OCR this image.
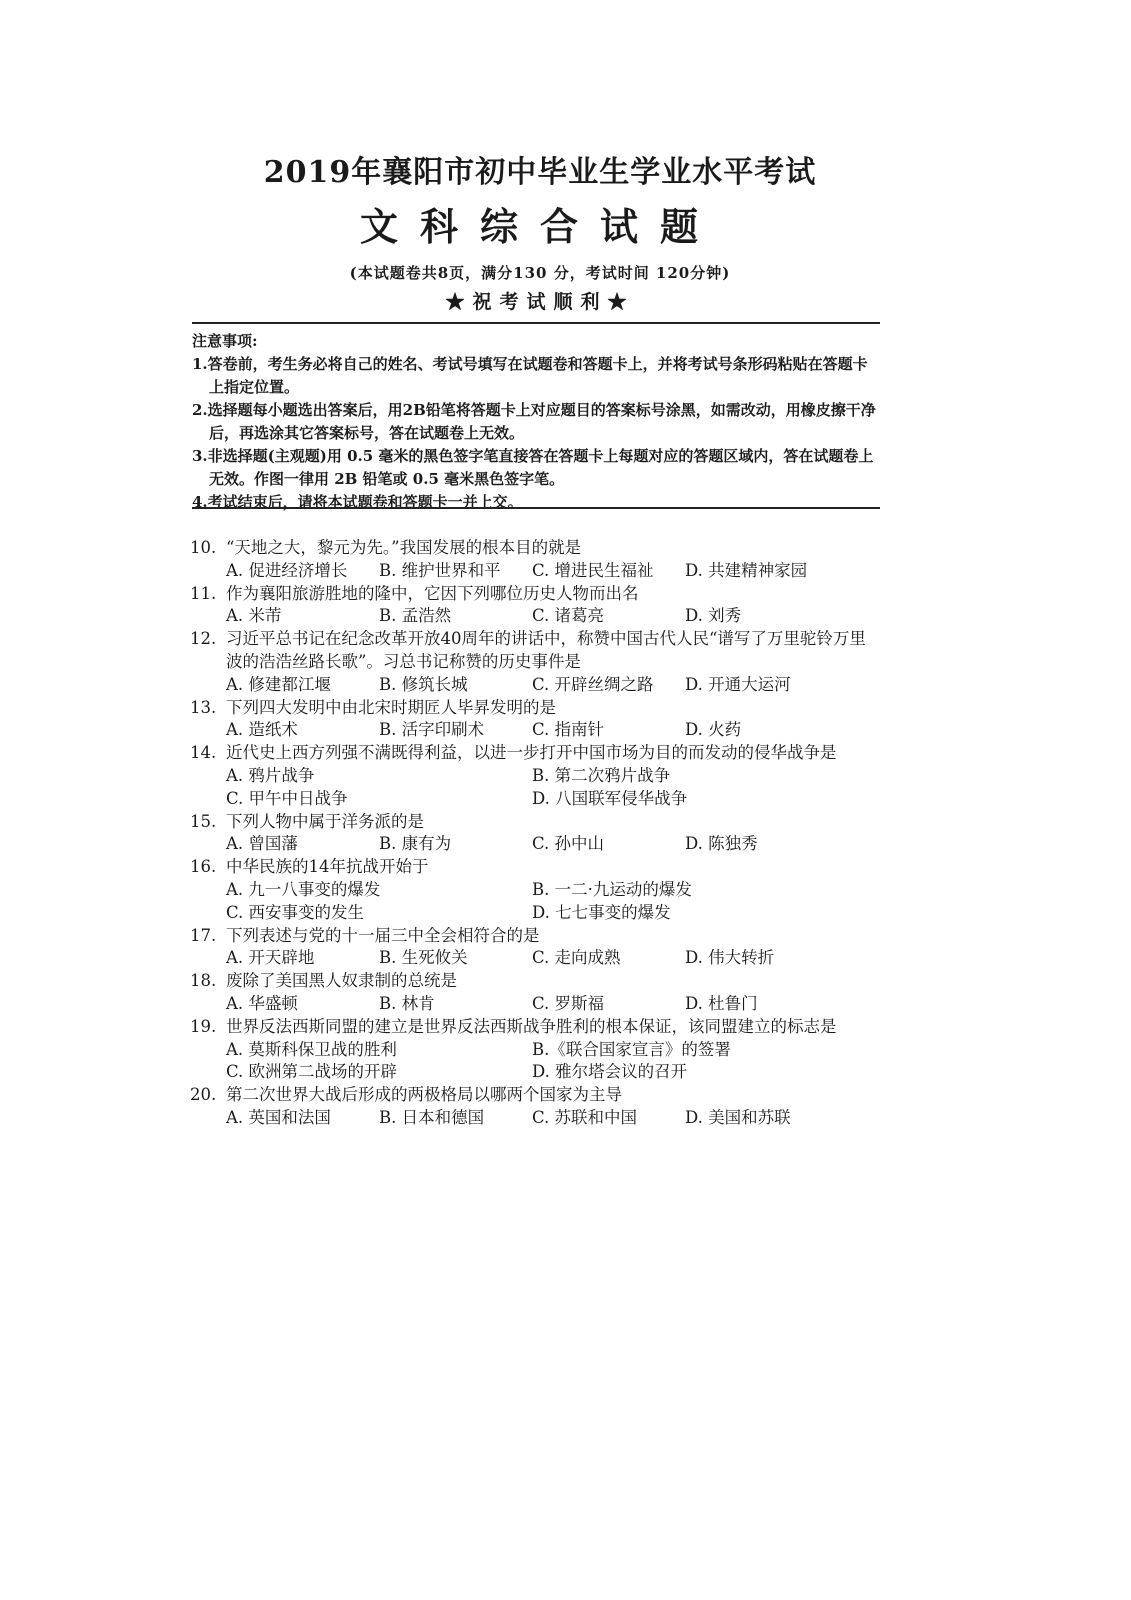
2019年襄阳市初中毕业生学业水平考试
文科综合试题
(本试题卷共8页，满分130 分，考试时间 120分钟)
★祝考试顺利★
注意事项:
1.答卷前，考生务必将自己的姓名、考试号填写在试题卷和答题卡上，并将考试号条形码粘贴在答题卡上指定位置。
2.选择题每小题选出答案后，用2B铅笔将答题卡上对应题目的答案标号涂黑，如需改动，用橡皮擦干净后，再选涂其它答案标号，答在试题卷上无效。
3.非选择题(主观题)用 0.5 毫米的黑色签字笔直接答在答题卡上每题对应的答题区域内，答在试题卷上无效。作图一律用 2B 铅笔或 0.5 毫米黑色签字笔。
4.考试结束后，请将本试题卷和答题卡一并上交。
10. “天地之大，黎元为先。”我国发展的根本目的就是
A. 促进经济增长	B. 维护世界和平	C. 增进民生福祉	D. 共建精神家园
11. 作为襄阳旅游胜地的隆中，它因下列哪位历史人物而出名
A. 米芾	B. 孟浩然	C. 诸葛亮	D. 刘秀
12. 习近平总书记在纪念改革开放40周年的讲话中，称赞中国古代人民“谱写了万里驼铃万里波的浩浩丝路长歌”。习总书记称赞的历史事件是
A. 修建都江堰	B. 修筑长城	C. 开辟丝绸之路	D. 开通大运河
13. 下列四大发明中由北宋时期匠人毕昇发明的是
A. 造纸术	B. 活字印刷术	C. 指南针	D. 火药
14. 近代史上西方列强不满既得利益，以进一步打开中国市场为目的而发动的侵华战争是
A. 鸦片战争	B. 第二次鸦片战争
C. 甲午中日战争	D. 八国联军侵华战争
15. 下列人物中属于洋务派的是
A. 曾国藩	B. 康有为	C. 孙中山	D. 陈独秀
16. 中华民族的14年抗战开始于
A. 九一八事变的爆发	B. 一二·九运动的爆发
C. 西安事变的发生	D. 七七事变的爆发
17. 下列表述与党的十一届三中全会相符合的是
A. 开天辟地	B. 生死攸关	C. 走向成熟	D. 伟大转折
18. 废除了美国黑人奴隶制的总统是
A. 华盛顿	B. 林肯	C. 罗斯福	D. 杜鲁门
19. 世界反法西斯同盟的建立是世界反法西斯战争胜利的根本保证，该同盟建立的标志是
A. 莫斯科保卫战的胜利	B.《联合国家宣言》的签署
C. 欧洲第二战场的开辟	D. 雅尔塔会议的召开
20. 第二次世界大战后形成的两极格局以哪两个国家为主导
A. 英国和法国	B. 日本和德国	C. 苏联和中国	D. 美国和苏联
